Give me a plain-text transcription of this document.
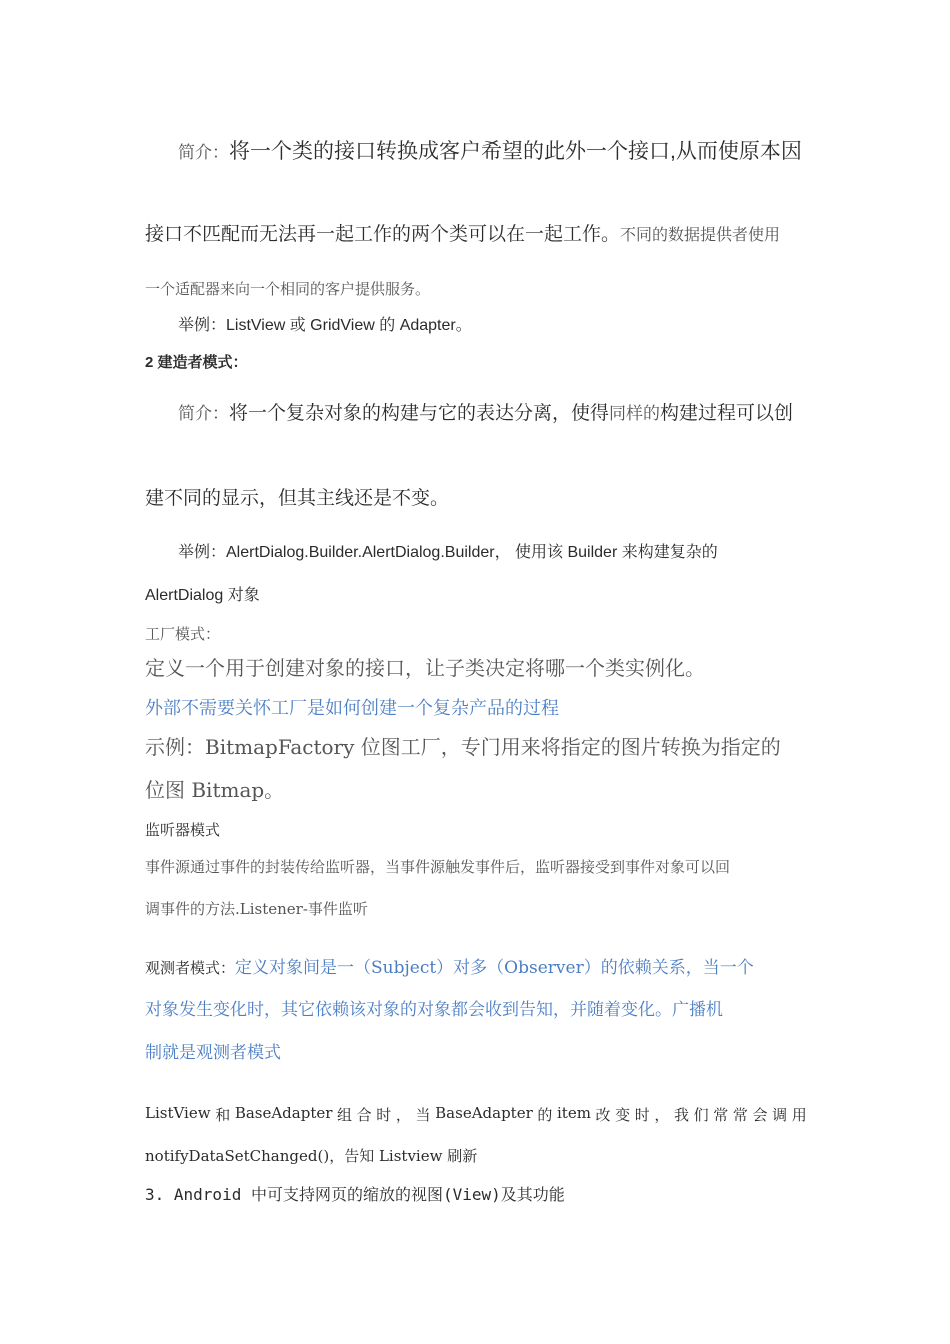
简介：将一个类的接口转换成客户希望的此外一个接口,从而使原本因
接口不匹配而无法再一起工作的两个类可以在一起工作。不同的数据提供者使用
一个适配器来向一个相同的客户提供服务。
举例：ListView 或 GridView 的 Adapter。
2 建造者模式：
简介：将一个复杂对象的构建与它的表达分离，使得同样的构建过程可以创
建不同的显示，但其主线还是不变。
举例：AlertDialog.Builder.AlertDialog.Builder， 使用该 Builder 来构建复杂的
AlertDialog 对象
工厂模式：
定义一个用于创建对象的接口，让子类决定将哪一个类实例化。
外部不需要关怀工厂是如何创建一个复杂产品的过程
示例：BitmapFactory 位图工厂，专门用来将指定的图片转换为指定的
位图 Bitmap。
监听器模式
事件源通过事件的封装传给监听器，当事件源触发事件后，监听器接受到事件对象可以回
调事件的方法.Listener-事件监听
观测者模式：定义对象间是一（Subject）对多（Observer）的依赖关系，当一个
对象发生变化时，其它依赖该对象的对象都会收到告知，并随着变化。广播机
制就是观测者模式
ListView 和 BaseAdapter 组 合 时 ， 当 BaseAdapter 的 item 改 变 时 ， 我 们 常 常 会 调 用
notifyDataSetChanged()，告知 Listview 刷新
3. Android 中可支持网页的缩放的视图(View)及其功能
